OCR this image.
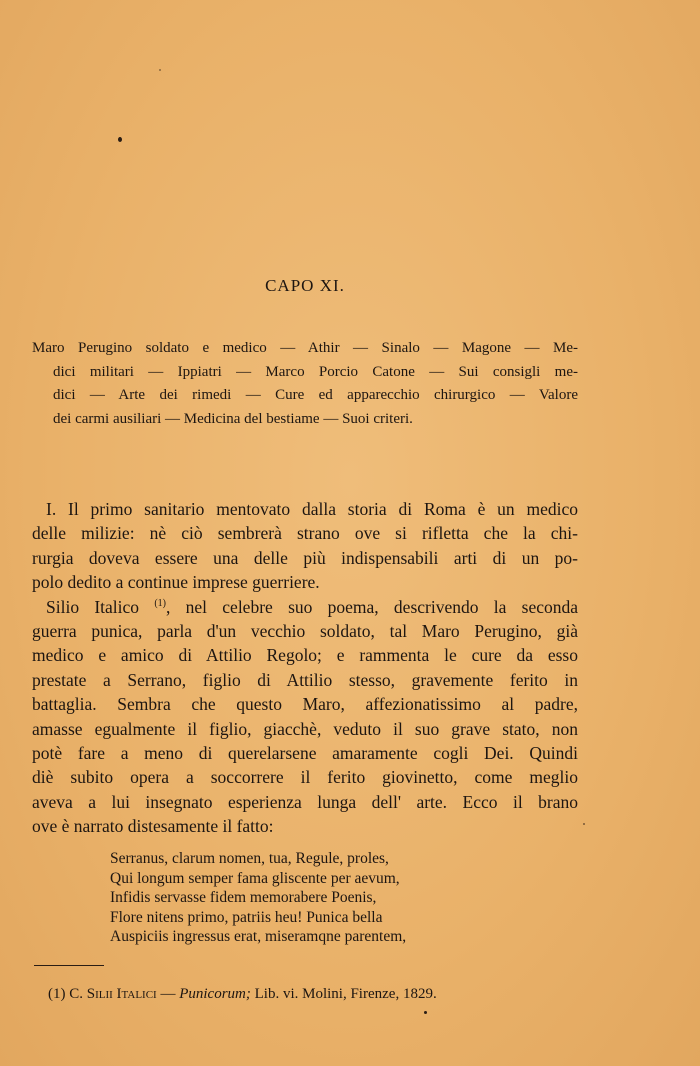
CAPO XI.
Maro Perugino soldato e medico — Athir — Sinalo — Magone — Me-
dici militari — Ippiatri — Marco Porcio Catone — Sui consigli me-
dici — Arte dei rimedi — Cure ed apparecchio chirurgico — Valore
dei carmi ausiliari — Medicina del bestiame — Suoi criteri.
I. Il primo sanitario mentovato dalla storia di Roma è un medico
delle milizie: nè ciò sembrerà strano ove si rifletta che la chi-
rurgia doveva essere una delle più indispensabili arti di un po-
polo dedito a continue imprese guerriere.
Silio Italico $^{(1)}$, nel celebre suo poema, descrivendo la seconda
guerra punica, parla d'un vecchio soldato, tal Maro Perugino, già
medico e amico di Attilio Regolo; e rammenta le cure da esso
prestate a Serrano, figlio di Attilio stesso, gravemente ferito in
battaglia. Sembra che questo Maro, affezionatissimo al padre,
amasse egualmente il figlio, giacchè, veduto il suo grave stato, non
potè fare a meno di querelarsene amaramente cogli Dei. Quindi
diè subito opera a soccorrere il ferito giovinetto, come meglio
aveva a lui insegnato esperienza lunga dell' arte. Ecco il brano
ove è narrato distesamente il fatto:
Serranus, clarum nomen, tua, Regule, proles,
Qui longum semper fama gliscente per aevum,
Infidis servasse fidem memorabere Poenis,
Flore nitens primo, patriis heu! Punica bella
Auspiciis ingressus erat, miseramqne parentem,
(1) C. Silii Italici — Punicorum; Lib. vi. Molini, Firenze, 1829.
